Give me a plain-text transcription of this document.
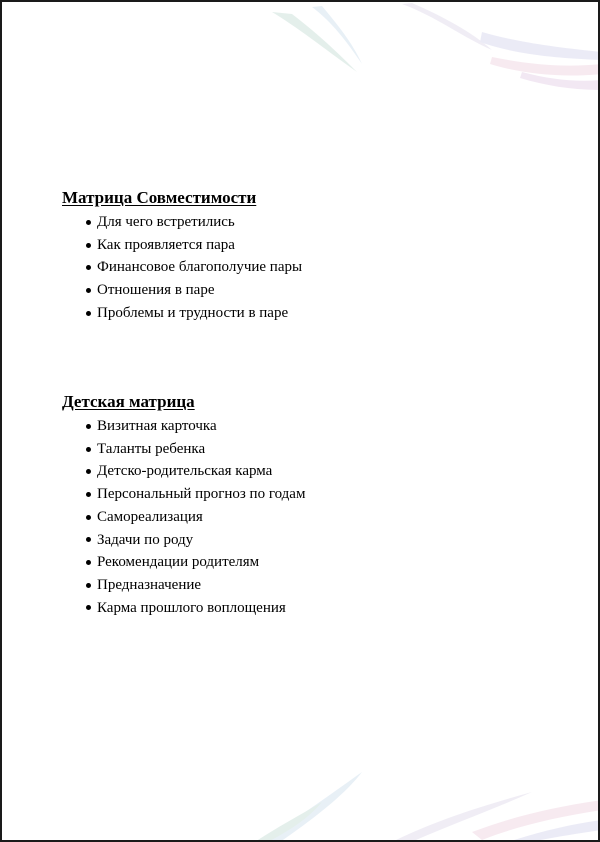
Матрица Совместимости
Для чего встретились
Как проявляется пара
Финансовое благополучие пары
Отношения в паре
Проблемы и трудности в паре
Детская матрица
Визитная карточка
Таланты ребенка
Детско-родительская карма
Персональный прогноз по годам
Самореализация
Задачи по роду
Рекомендации родителям
Предназначение
Карма прошлого воплощения
